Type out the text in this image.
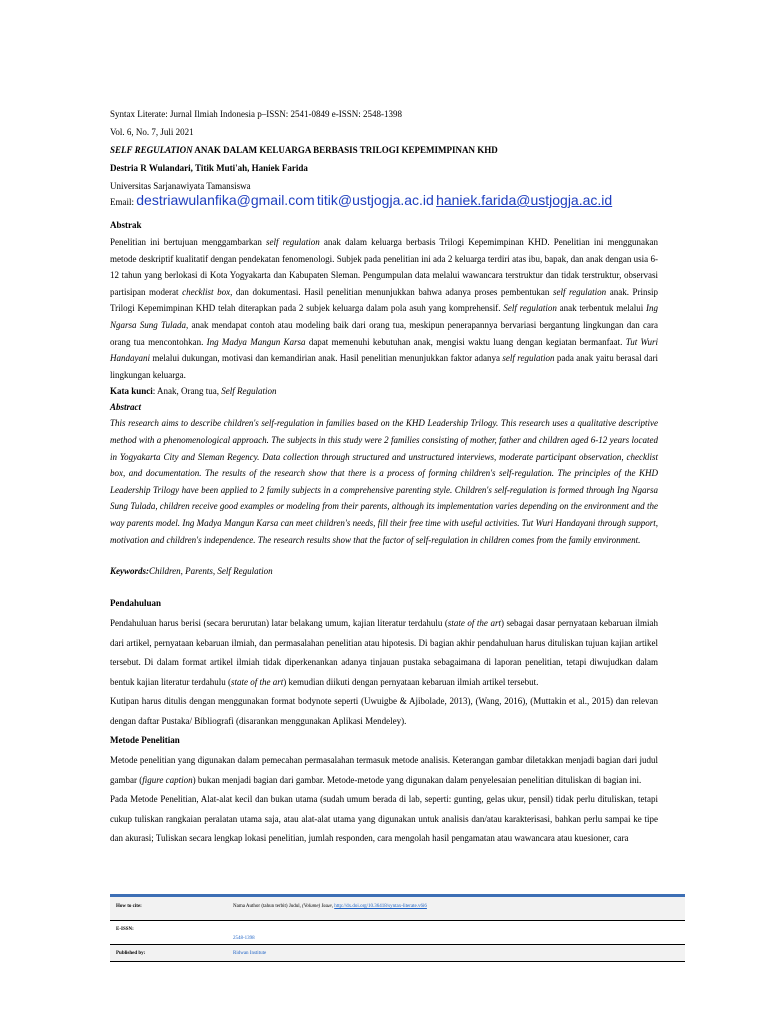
Syntax Literate: Jurnal Ilmiah Indonesia p–ISSN: 2541-0849 e-ISSN: 2548-1398

Vol. 6, No. 7, Juli 2021

SELF REGULATION ANAK DALAM KELUARGA BERBASIS TRILOGI KEPEMIMPINAN KHD

Destria R Wulandari, Titik Muti'ah, Haniek Farida

Universitas Sarjanawiyata Tamansiswa

Email: destriawulanfika@gmail.com titik@ustjogja.ac.id haniek.farida@ustjogja.ac.id

Abstrak

Penelitian ini bertujuan menggambarkan self regulation anak dalam keluarga berbasis Trilogi Kepemimpinan KHD. Penelitian ini menggunakan metode deskriptif kualitatif dengan pendekatan fenomenologi. Subjek pada penelitian ini ada 2 keluarga terdiri atas ibu, bapak, dan anak dengan usia 6-12 tahun yang berlokasi di Kota Yogyakarta dan Kabupaten Sleman. Pengumpulan data melalui wawancara terstruktur dan tidak terstruktur, observasi partisipan moderat checklist box, dan dokumentasi. Hasil penelitian menunjukkan bahwa adanya proses pembentukan self regulation anak. Prinsip Trilogi Kepemimpinan KHD telah diterapkan pada 2 subjek keluarga dalam pola asuh yang komprehensif. Self regulation anak terbentuk melalui Ing Ngarsa Sung Tulada, anak mendapat contoh atau modeling baik dari orang tua, meskipun penerapannya bervariasi bergantung lingkungan dan cara orang tua mencontohkan. Ing Madya Mangun Karsa dapat memenuhi kebutuhan anak, mengisi waktu luang dengan kegiatan bermanfaat. Tut Wuri Handayani melalui dukungan, motivasi dan kemandirian anak. Hasil penelitian menunjukkan faktor adanya self regulation pada anak yaitu berasal dari lingkungan keluarga.

Kata kunci: Anak, Orang tua, Self Regulation

Abstract

This research aims to describe children's self-regulation in families based on the KHD Leadership Trilogy. This research uses a qualitative descriptive method with a phenomenological approach. The subjects in this study were 2 families consisting of mother, father and children aged 6-12 years located in Yogyakarta City and Sleman Regency. Data collection through structured and unstructured interviews, moderate participant observation, checklist box, and documentation. The results of the research show that there is a process of forming children's self-regulation. The principles of the KHD Leadership Trilogy have been applied to 2 family subjects in a comprehensive parenting style. Children's self-regulation is formed through Ing Ngarsa Sung Tulada, children receive good examples or modeling from their parents, although its implementation varies depending on the environment and the way parents model. Ing Madya Mangun Karsa can meet children's needs, fill their free time with useful activities. Tut Wuri Handayani through support, motivation and children's independence. The research results show that the factor of self-regulation in children comes from the family environment.

Keywords:Children, Parents, Self Regulation

Pendahuluan

Pendahuluan harus berisi (secara berurutan) latar belakang umum, kajian literatur terdahulu (state of the art) sebagai dasar pernyataan kebaruan ilmiah dari artikel, pernyataan kebaruan ilmiah, dan permasalahan penelitian atau hipotesis. Di bagian akhir pendahuluan harus dituliskan tujuan kajian artikel tersebut. Di dalam format artikel ilmiah tidak diperkenankan adanya tinjauan pustaka sebagaimana di laporan penelitian, tetapi diwujudkan dalam bentuk kajian literatur terdahulu (state of the art) kemudian diikuti dengan pernyataan kebaruan ilmiah artikel tersebut.

Kutipan harus ditulis dengan menggunakan format bodynote seperti (Uwuigbe & Ajibolade, 2013), (Wang, 2016), (Muttakin et al., 2015) dan relevan dengan daftar Pustaka/ Bibliografi (disarankan menggunakan Aplikasi Mendeley).

Metode Penelitian

Metode penelitian yang digunakan dalam pemecahan permasalahan termasuk metode analisis. Keterangan gambar diletakkan menjadi bagian dari judul gambar (figure caption) bukan menjadi bagian dari gambar. Metode-metode yang digunakan dalam penyelesaian penelitian dituliskan di bagian ini.

Pada Metode Penelitian, Alat-alat kecil dan bukan utama (sudah umum berada di lab, seperti: gunting, gelas ukur, pensil) tidak perlu dituliskan, tetapi cukup tuliskan rangkaian peralatan utama saja, atau alat-alat utama yang digunakan untuk analisis dan/atau karakterisasi, bahkan perlu sampai ke tipe dan akurasi; Tuliskan secara lengkap lokasi penelitian, jumlah responden, cara mengolah hasil pengamatan atau wawancara atau kuesioner, cara

How to cite:	Nama Author (tahun terbit) Judul, (Volume) Issue, http://dx.doi.org/10.36418/syntax-literate.v6i6
E-ISSN:
2548-1398
Published by:	Ridwan Institute
